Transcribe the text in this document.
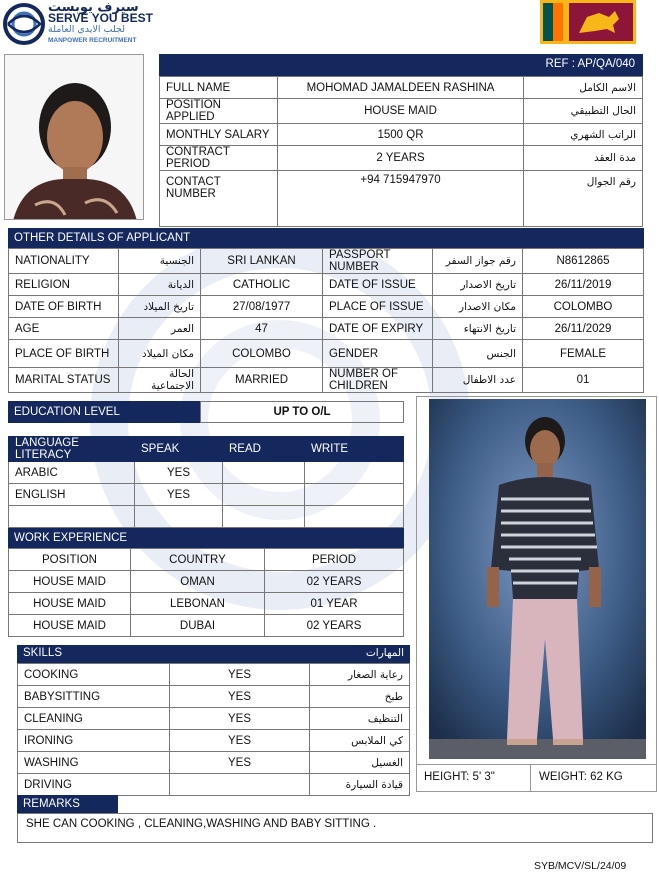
سيرف يوبست
SERVE YOU BEST
لجلب الايدي العاملة
MANPOWER RECRUITMENT
REF : AP/QA/040
FULL NAME	MOHOMAD JAMALDEEN RASHINA	الاسم الكامل
POSITION APPLIED	HOUSE MAID	الحال التطبيقي
MONTHLY SALARY	1500 QR	الراتب الشهري
CONTRACT PERIOD	2 YEARS	مدة العقد
CONTACT NUMBER	+94 715947970	رقم الجوال
OTHER DETAILS OF APPLICANT
NATIONALITY	الجنسية	SRI LANKAN	PASSPORT NUMBER	رقم جواز السفر	N8612865
RELIGION	الديانة	CATHOLIC	DATE OF ISSUE	تاريخ الاصدار	26/11/2019
DATE OF BIRTH	تاريخ الميلاد	27/08/1977	PLACE OF ISSUE	مكان الاصدار	COLOMBO
AGE	العمر	47	DATE OF EXPIRY	تاريخ الانتهاء	26/11/2029
PLACE OF BIRTH	مكان الميلاد	COLOMBO	GENDER	الجنس	FEMALE
MARITAL STATUS	الحالة الاجتماعية	MARRIED	NUMBER OF CHILDREN	عدد الاطفال	01
EDUCATION LEVEL	UP TO O/L
LANGUAGE LITERACY	SPEAK	READ	WRITE
ARABIC	YES		
ENGLISH	YES		

WORK EXPERIENCE
POSITION	COUNTRY	PERIOD
HOUSE MAID	OMAN	02 YEARS
HOUSE MAID	LEBONAN	01 YEAR
HOUSE MAID	DUBAI	02 YEARS
SKILLS	المهارات
COOKING	YES	رعاية الصغار
BABYSITTING	YES	طبخ
CLEANING	YES	التنظيف
IRONING	YES	كي الملابس
WASHING	YES	الغسيل
DRIVING		قيادة السيارة
HEIGHT: 5' 3"	WEIGHT: 62 KG
REMARKS
SHE CAN COOKING , CLEANING,WASHING AND BABY SITTING .
SYB/MCV/SL/24/09
